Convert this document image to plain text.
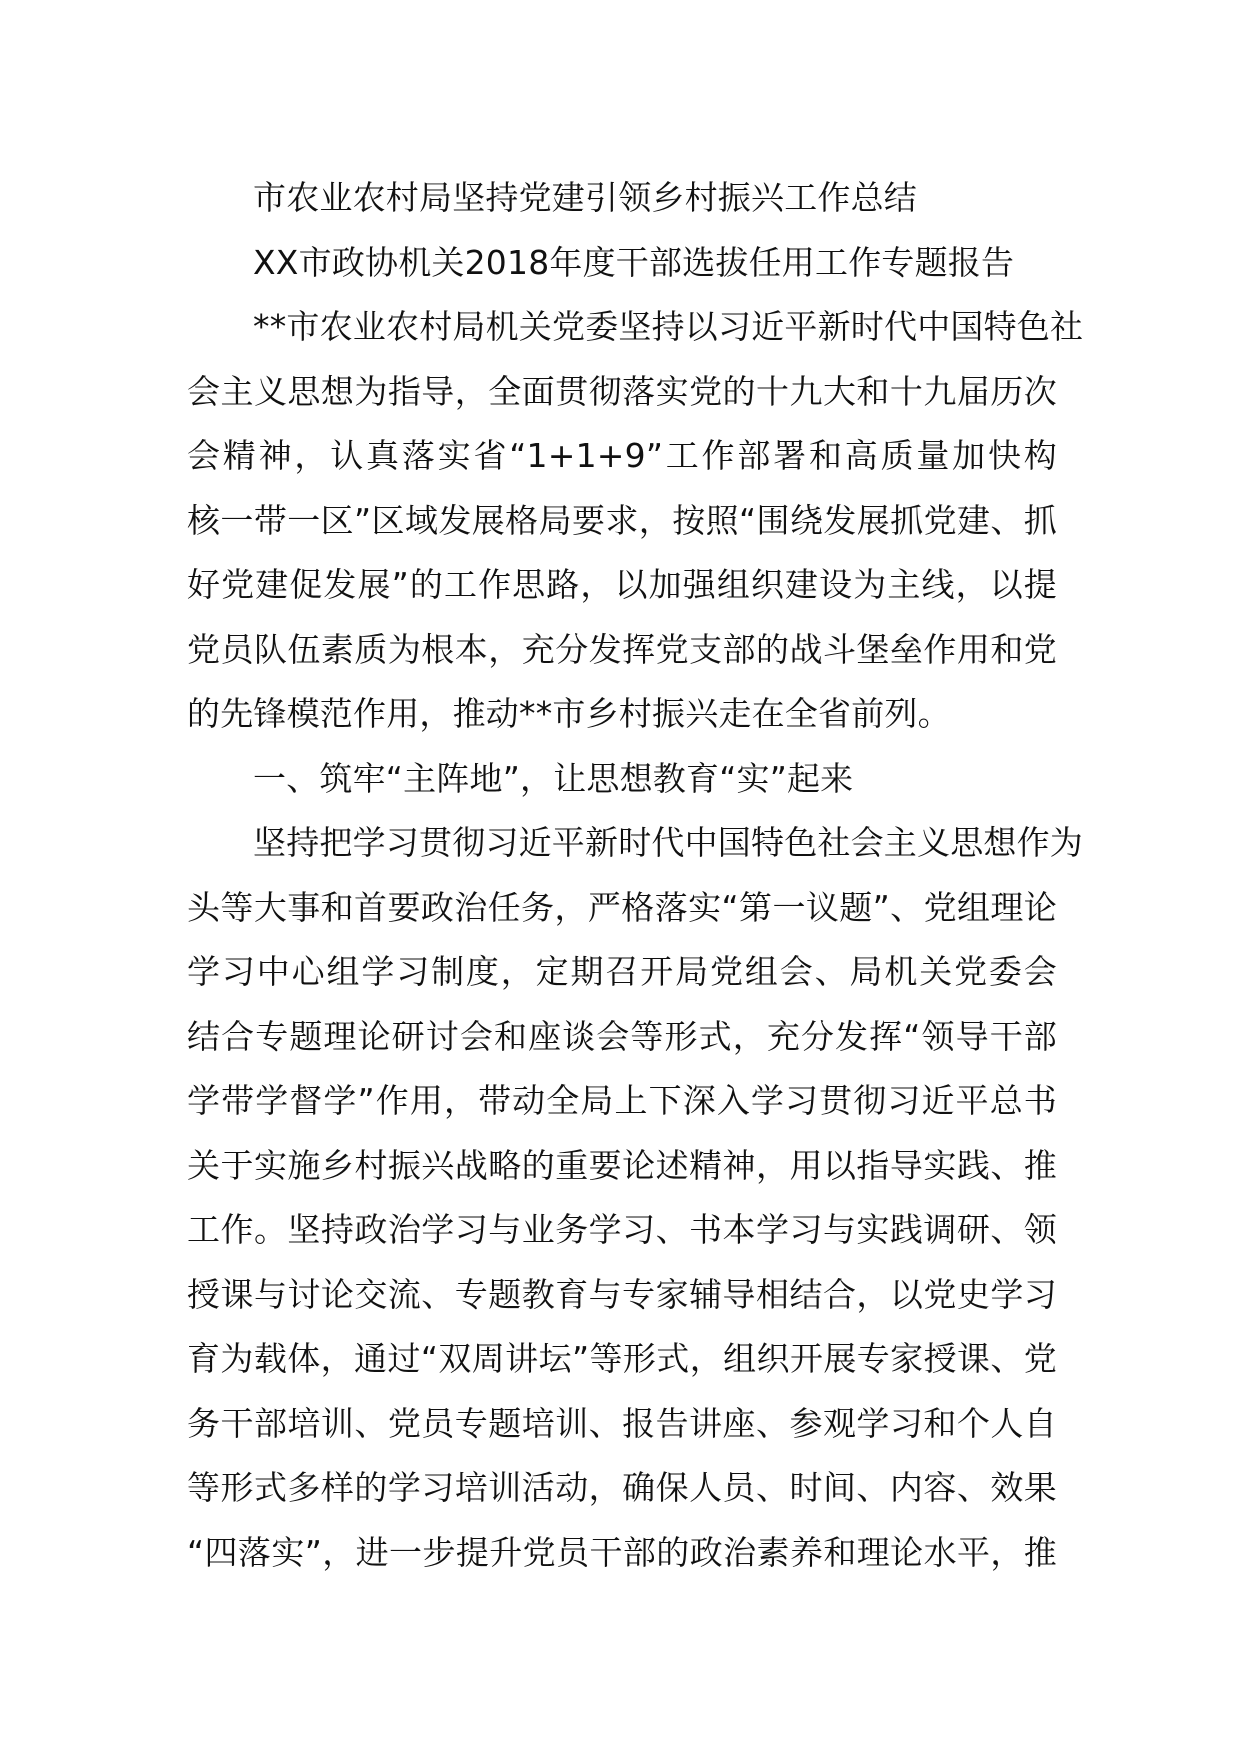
市农业农村局坚持党建引领乡村振兴工作总结
XX市政协机关2018年度干部选拔任用工作专题报告
**市农业农村局机关党委坚持以习近平新时代中国特色社
会主义思想为指导，全面贯彻落实党的十九大和十九届历次
会精神，认真落实省“1+1+9”工作部署和高质量加快构
核一带一区”区域发展格局要求，按照“围绕发展抓党建、抓
好党建促发展”的工作思路，以加强组织建设为主线，以提
党员队伍素质为根本，充分发挥党支部的战斗堡垒作用和党
的先锋模范作用，推动**市乡村振兴走在全省前列。
一、筑牢“主阵地”，让思想教育“实”起来
坚持把学习贯彻习近平新时代中国特色社会主义思想作为
头等大事和首要政治任务，严格落实“第一议题”、党组理论
学习中心组学习制度，定期召开局党组会、局机关党委会
结合专题理论研讨会和座谈会等形式，充分发挥“领导干部
学带学督学”作用，带动全局上下深入学习贯彻习近平总书
关于实施乡村振兴战略的重要论述精神，用以指导实践、推
工作。坚持政治学习与业务学习、书本学习与实践调研、领
授课与讨论交流、专题教育与专家辅导相结合，以党史学习
育为载体，通过“双周讲坛”等形式，组织开展专家授课、党
务干部培训、党员专题培训、报告讲座、参观学习和个人自
等形式多样的学习培训活动，确保人员、时间、内容、效果
“四落实”，进一步提升党员干部的政治素养和理论水平，推
